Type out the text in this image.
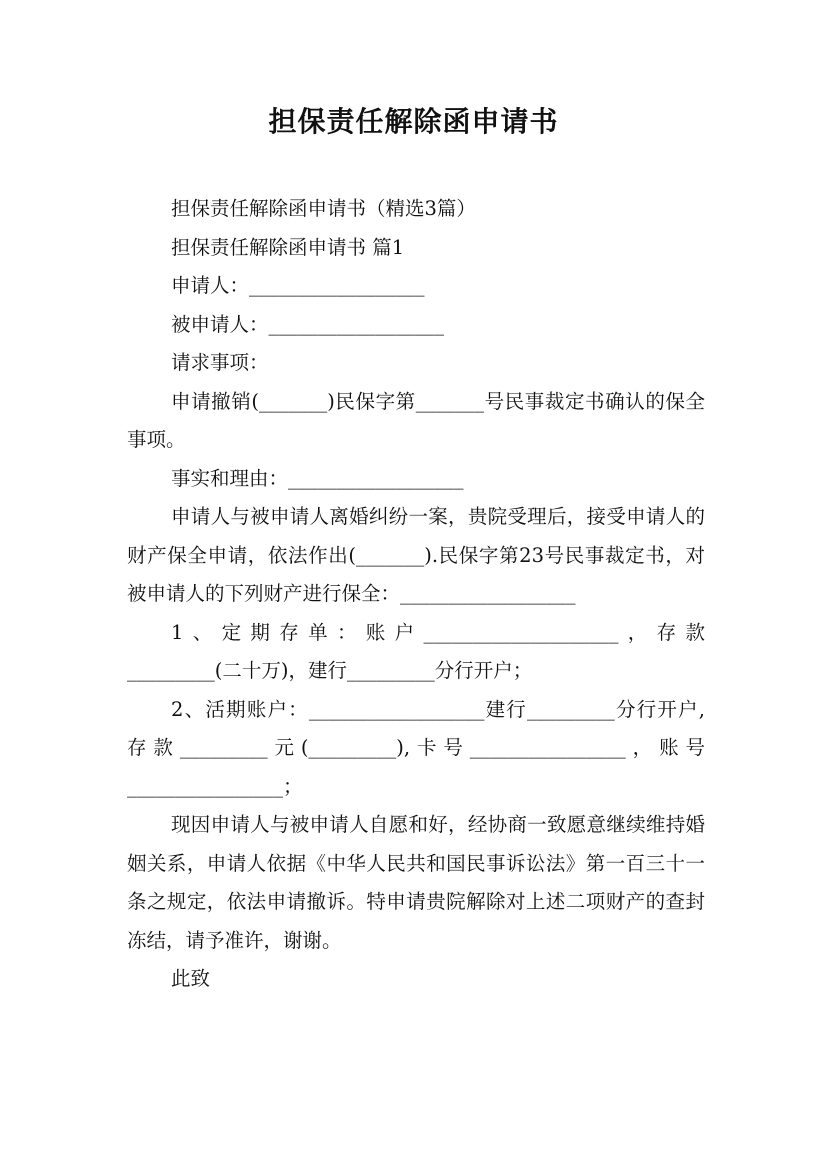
担保责任解除函申请书

担保责任解除函申请书（精选3篇）

担保责任解除函申请书 篇1

申请人：__________________

被申请人：__________________

请求事项：

申请撤销(_______)民保字第_______号民事裁定书确认的保全事项。

事实和理由：__________________

申请人与被申请人离婚纠纷一案，贵院受理后，接受申请人的财产保全申请，依法作出(_______).民保字第23号民事裁定书，对被申请人的下列财产进行保全：__________________

1、定期存单：账户____________________，存款_________(二十万)，建行_________分行开户；

2、活期账户：__________________建行_________分行开户,存款_________元(_________),卡号________________，账号________________；

现因申请人与被申请人自愿和好，经协商一致愿意继续维持婚姻关系，申请人依据《中华人民共和国民事诉讼法》第一百三十一条之规定，依法申请撤诉。特申请贵院解除对上述二项财产的查封冻结，请予准许，谢谢。

此致
